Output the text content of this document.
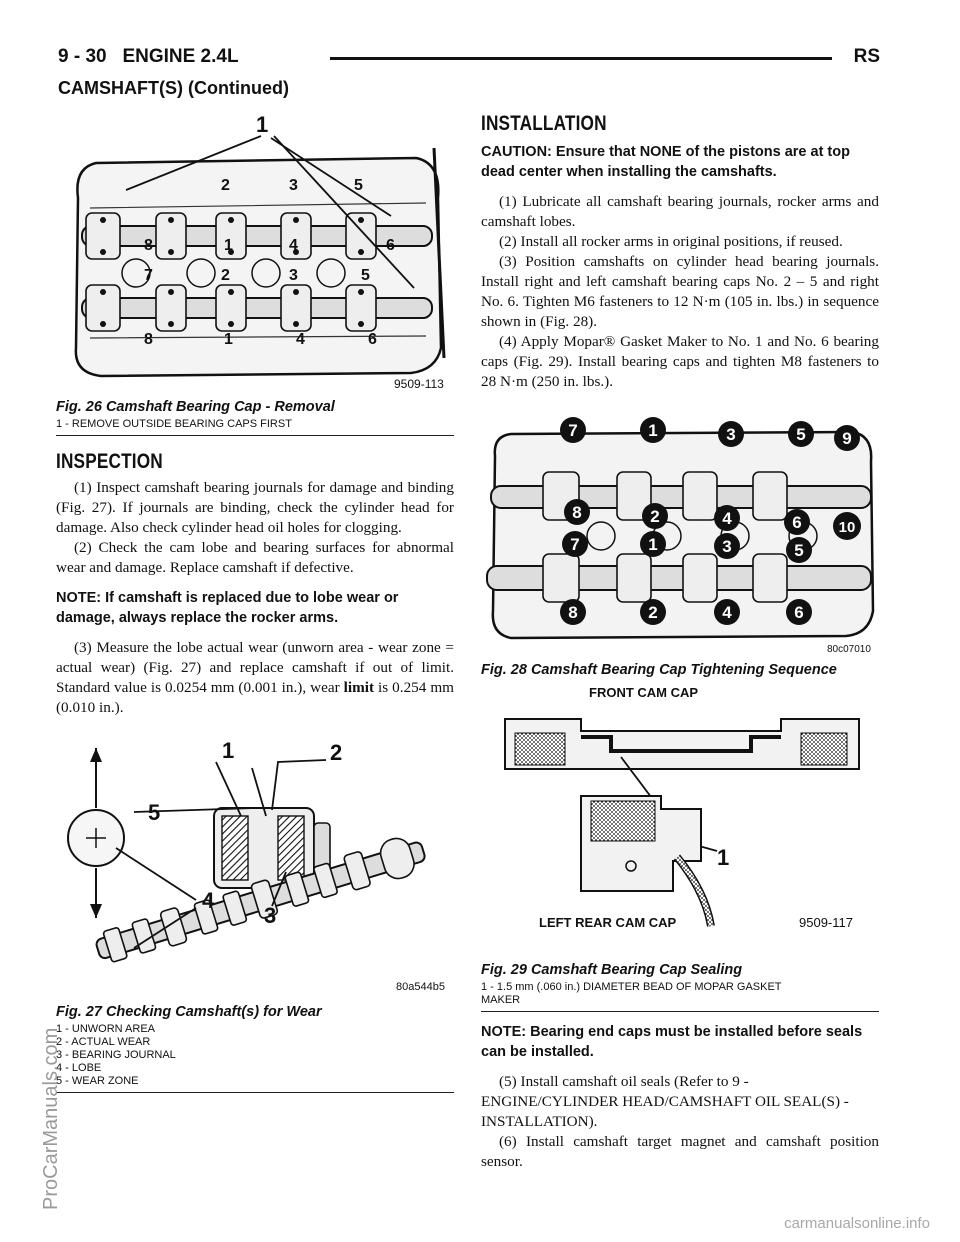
9 - 30 ENGINE 2.4L	RS
CAMSHAFT(S) (Continued)
1
2	3	5
8	1	4	6
7	2	3	5
8	1	4	6
9509-113
Fig. 26 Camshaft Bearing Cap - Removal
1 - REMOVE OUTSIDE BEARING CAPS FIRST
INSPECTION

(1) Inspect camshaft bearing journals for damage and binding (Fig. 27). If journals are binding, check the cylinder head for damage. Also check cylinder head oil holes for clogging.

(2) Check the cam lobe and bearing surfaces for abnormal wear and damage. Replace camshaft if defective.

NOTE: If camshaft is replaced due to lobe wear or damage, always replace the rocker arms.

(3) Measure the lobe actual wear (unworn area - wear zone = actual wear) (Fig. 27) and replace camshaft if out of limit. Standard value is 0.0254 mm (0.001 in.), wear limit is 0.254 mm (0.010 in.).

1	2
3
4
5
80a544b5
Fig. 27 Checking Camshaft(s) for Wear
1 - UNWORN AREA
2 - ACTUAL WEAR
3 - BEARING JOURNAL
4 - LOBE
5 - WEAR ZONE
INSTALLATION

CAUTION: Ensure that NONE of the pistons are at top dead center when installing the camshafts.

(1) Lubricate all camshaft bearing journals, rocker arms and camshaft lobes.

(2) Install all rocker arms in original positions, if reused.

(3) Position camshafts on cylinder head bearing journals. Install right and left camshaft bearing caps No. 2 – 5 and right No. 6. Tighten M6 fasteners to 12 N·m (105 in. lbs.) in sequence shown in (Fig. 28).

(4) Apply Mopar® Gasket Maker to No. 1 and No. 6 bearing caps (Fig. 29). Install bearing caps and tighten M8 fasteners to 28 N·m (250 in. lbs.).

7	1	3	5 9
8	2	4	6 10
7	1	3	5
8	2	4	6
80c07010
Fig. 28 Camshaft Bearing Cap Tightening Sequence
FRONT CAM CAP
1
LEFT REAR CAM CAP	9509-117
Fig. 29 Camshaft Bearing Cap Sealing
1 - 1.5 mm (.060 in.) DIAMETER BEAD OF MOPAR GASKET
MAKER

NOTE: Bearing end caps must be installed before seals can be installed.

(5) Install camshaft oil seals (Refer to 9 - ENGINE/CYLINDER HEAD/CAMSHAFT OIL SEAL(S) - INSTALLATION).

(6) Install camshaft target magnet and camshaft position sensor.

ProCarManuals.com
carmanualsonline.info
